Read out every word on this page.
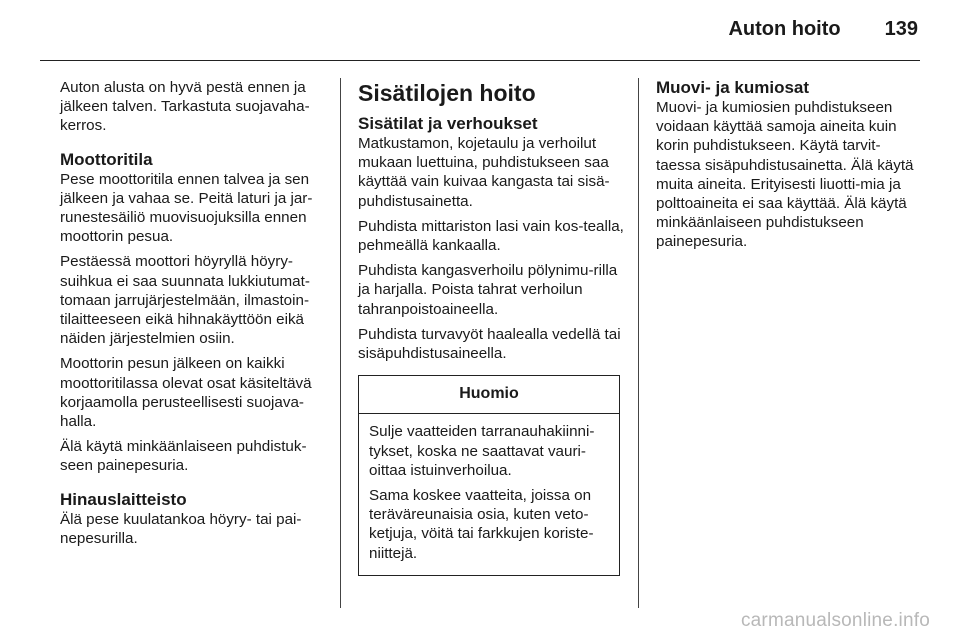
Auton hoito 139

Auton alusta on hyvä pestä ennen ja jälkeen talven. Tarkastuta suojavaha-kerros.

Moottoritila

Pese moottoritila ennen talvea ja sen jälkeen ja vahaa se. Peitä laturi ja jar-runestesäiliö muovisuojuksilla ennen moottorin pesua.

Pestäessä moottori höyryllä höyry-suihkua ei saa suunnata lukkiutumat-tomaan jarrujärjestelmään, ilmastoin-tilaitteeseen eikä hihnakäyttöön eikä näiden järjestelmien osiin.

Moottorin pesun jälkeen on kaikki moottoritilassa olevat osat käsiteltävä korjaamolla perusteellisesti suojava-halla.

Älä käytä minkäänlaiseen puhdistuk-seen painepesuria.

Hinauslaitteisto

Älä pese kuulatankoa höyry- tai pai-nepesurilla.

Sisätilojen hoito
Sisätilat ja verhoukset

Matkustamon, kojetaulu ja verhoilut mukaan luettuina, puhdistukseen saa käyttää vain kuivaa kangasta tai sisä-puhdistusainetta.

Puhdista mittariston lasi vain kos-tealla, pehmeällä kankaalla.

Puhdista kangasverhoilu pölynimu-rilla ja harjalla. Poista tahrat verhoilun tahranpoistoaineella.

Puhdista turvavyöt haalealla vedellä tai sisäpuhdistusaineella.

Huomio

Sulje vaatteiden tarranauhakiinni-tykset, koska ne saattavat vauri-oittaa istuinverhoilua.

Sama koskee vaatteita, joissa on teräväreunaisia osia, kuten veto-ketjuja, vöitä tai farkkujen koriste-niittejä.

Muovi- ja kumiosat

Muovi- ja kumiosien puhdistukseen voidaan käyttää samoja aineita kuin korin puhdistukseen. Käytä tarvit-taessa sisäpuhdistusainetta. Älä käytä muita aineita. Erityisesti liuotti-mia ja polttoaineita ei saa käyttää. Älä käytä minkäänlaiseen puhdistukseen painepesuria.

carmanualsonline.info
